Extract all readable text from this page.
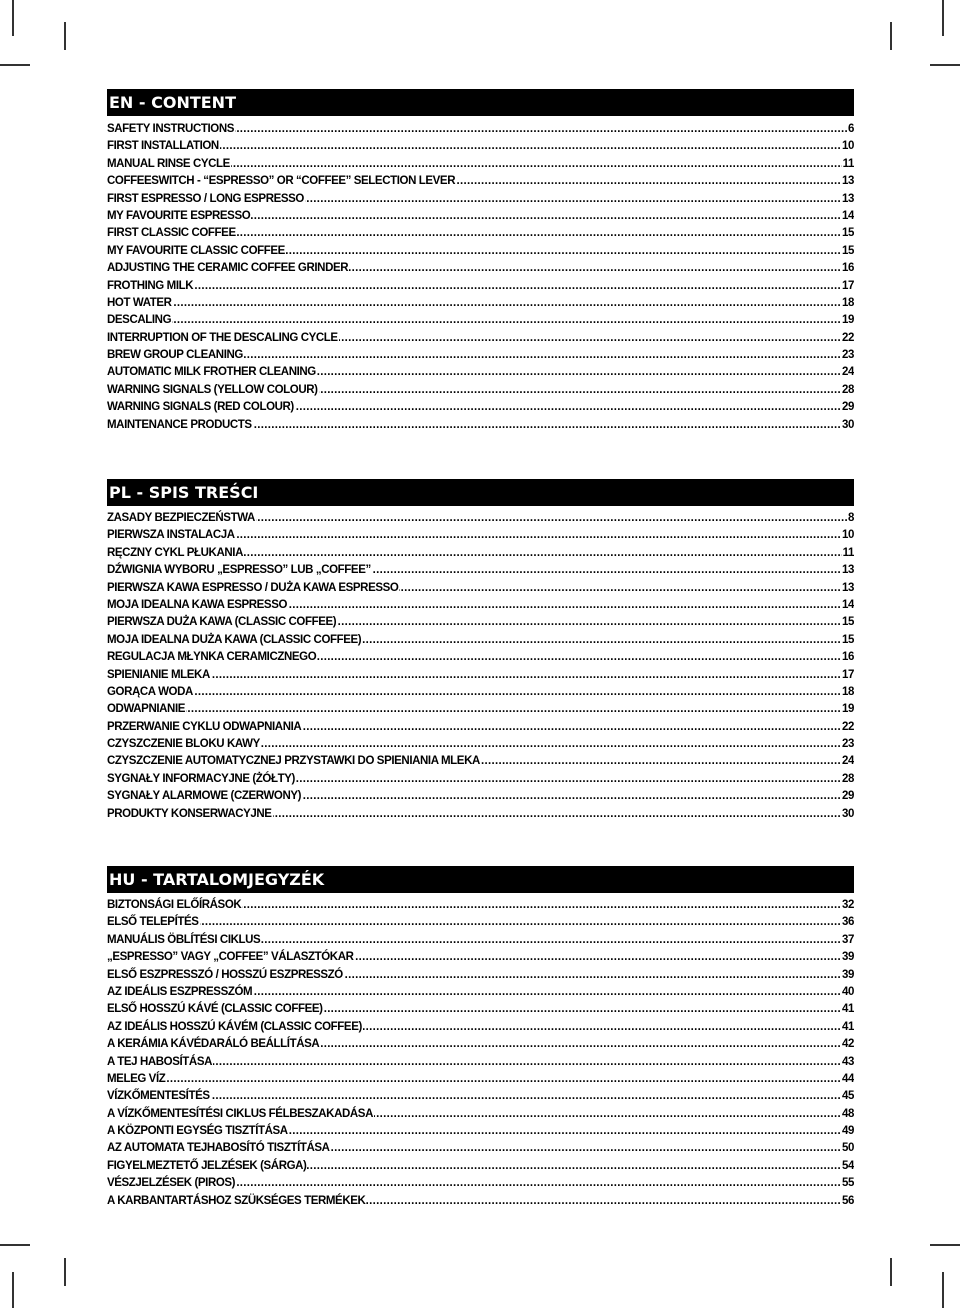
EN - CONTENT
SAFETY INSTRUCTIONS	6
.....
FIRST INSTALLATION	10
.....
MANUAL RINSE CYCLE	11
.....
COFFEESWITCH - “ESPRESSO” OR “COFFEE” SELECTION LEVER	13
.....
FIRST ESPRESSO / LONG ESPRESSO	13
.....
MY FAVOURITE ESPRESSO	14
.....
FIRST CLASSIC COFFEE	15
.....
MY FAVOURITE CLASSIC COFFEE	15
.....
ADJUSTING THE CERAMIC COFFEE GRINDER	16
.....
FROTHING MILK	17
.....
HOT WATER	18
.....
DESCALING	19
.....
INTERRUPTION OF THE DESCALING CYCLE	22
.....
BREW GROUP CLEANING	23
.....
AUTOMATIC MILK FROTHER CLEANING	24
.....
WARNING SIGNALS (YELLOW COLOUR)	28
.....
WARNING SIGNALS (RED COLOUR)	29
.....
MAINTENANCE PRODUCTS	30
.....
PL - SPIS TREŚCI
ZASADY BEZPIECZEŃSTWA	8
.....
PIERWSZA INSTALACJA	10
.....
RĘCZNY CYKL PŁUKANIA	11
.....
DŹWIGNIA WYBORU „ESPRESSO” LUB „COFFEE”	13
.....
PIERWSZA KAWA ESPRESSO / DUŻA KAWA ESPRESSO	13
.....
MOJA IDEALNA KAWA ESPRESSO	14
.....
PIERWSZA DUŻA KAWA (CLASSIC COFFEE)	15
.....
MOJA IDEALNA DUŻA KAWA (CLASSIC COFFEE)	15
.....
REGULACJA MŁYNKA CERAMICZNEGO	16
.....
SPIENIANIE MLEKA	17
.....
GORĄCA WODA	18
.....
ODWAPNIANIE	19
.....
PRZERWANIE CYKLU ODWAPNIANIA	22
.....
CZYSZCZENIE BLOKU KAWY	23
.....
CZYSZCZENIE AUTOMATYCZNEJ PRZYSTAWKI DO SPIENIANIA MLEKA	24
.....
SYGNAŁY INFORMACYJNE (ŻÓŁTY)	28
.....
SYGNAŁY ALARMOWE (CZERWONY)	29
.....
PRODUKTY KONSERWACYJNE	30
.....
HU - TARTALOMJEGYZÉK
BIZTONSÁGI ELŐÍRÁSOK	32
.....
ELSŐ TELEPÍTÉS	36
.....
MANUÁLIS ÖBLÍTÉSI CIKLUS	37
.....
„ESPRESSO” VAGY „COFFEE” VÁLASZTÓKAR	39
.....
ELSŐ ESZPRESSZÓ / HOSSZÚ ESZPRESSZÓ	39
.....
AZ IDEÁLIS ESZPRESSZÓM	40
.....
ELSŐ HOSSZÚ KÁVÉ (CLASSIC COFFEE)	41
.....
AZ IDEÁLIS HOSSZÚ KÁVÉM (CLASSIC COFFEE)	41
.....
A KERÁMIA KÁVÉDARÁLÓ BEÁLLÍTÁSA	42
.....
A TEJ HABOSÍTÁSA	43
.....
MELEG VÍZ	44
.....
VÍZKŐMENTESÍTÉS	45
.....
A VÍZKŐMENTESÍTÉSI CIKLUS FÉLBESZAKADÁSA	48
.....
A KÖZPONTI EGYSÉG TISZTÍTÁSA	49
.....
AZ AUTOMATA TEJHABOSÍTÓ TISZTÍTÁSA	50
.....
FIGYELMEZTETŐ JELZÉSEK (SÁRGA)	54
.....
VÉSZJELZÉSEK (PIROS)	55
.....
A KARBANTARTÁSHOZ SZÜKSÉGES TERMÉKEK	56
.....
